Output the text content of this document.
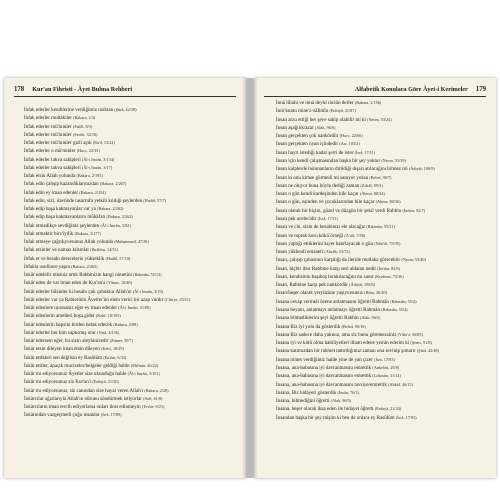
178 Kur'an Fihristi - Âyet Bulma Rehberi
İnfak ederler kendilerine verdiğimiz nzıktan (Şûrâ, 42/38)
İnfak ederler muttakiler (Bakara, 2/3)
İnfak ederler mü'minler (Enfâl, 8/3)
İnfak ederler mü'minler (Secde, 32/16)
İnfak ederler mü'minler gizli açık (Ra'd, 13/22)
İnfak ederler o mü'minler (Hacc, 22/35)
İnfak ederler takva sahipleri (Âl-i İmrân, 3/134)
İnfak ederler takva sahipleri (Âl-i İmrân, 3/17)
İnfak etsin Allah yolunda (Bakara, 2/195)
İnfak edin çalışıp kazandıklarınızdan (Bakara, 2/267)
İnfak edin ey iman edenler (Bakara, 2/254)
İnfak edin, sizi, üzerinde tasarrufa yetkili kıldığı şeylerden (Hadîd, 57/7)
İnfak edip başa kakmayanlar var ya (Bakara, 2/262)
İnfak edip başa kakmayanların mükâfatı (Bakara, 2/262)
İnfak etmedikçe sevdiğiniz şeylerden (Âl-i İmrân, 3/92)
İnfak etmektir birr/iyilik (Bakara, 2/177)
İnfak etmeye çağrılıyorsunuz Allah yolunda (Muhammed, 47/38)
İnfak etsinler ve namaz kılsınlar (İbrâhîm, 14/31)
İnfak et ve hesabı derecelerin yükseklik (Hadîd, 57/10)
İnfakla usulünce yapın (Bakara, 2/263)
İnkâr edebilir misiniz artık Rabbinizin hangi nimetini (Rahmân, 55/13)
İnkâr eden de var iman eden de Kur'an'a (Yûnus, 10/40)
İnkâr ederler bilsinler ki hesabı çok çabuktur Allah'ın (Âl-i İmrân, 3/19)
İnkâr ederler var ya Rablerinin Âyetler'ini elem verici bir azap vardır (Câsiye, 45/11)
İnkâr edenlere uyarsanız eğer ey iman edenler (Âl-i İmrân, 3/100)
İnkâr edenlerin amelleri boşa gider (Kehf, 18/105)
İnkâr edenlerin hepsini birden helak edecek (Bakara, 2/89)
İnkâr ederler her kim saptırmış olur (Nisâ, 4/136)
İnkâr edersem eğer, bu sizin aleyhinizedir (Zümer, 39/7)
İnkâr etsin dileyen iman etsin dileyen (Kehf, 18/29)
İnkâr ettikleri sen değilsin ey Rasûlüm (En'âm, 6/33)
İnkâr ettiler, apaçık mucizeler/belgeler geldiği halde (Mü'min, 40/22)
İnkâr mı ediyorsunuz Âyetler size okunduğu halde (Âl-i İmrân, 3/101)
İnkâr mı ediyorsunuz siz Kur'an'ı (Enbiyâ, 21/50)
İnkâr mı ediyorsunuz, siz canından size hayat veren Allah'ı (Bakara, 2/28)
İnkârcılar ağızlarıyla Allah'ın nûrunu söndürmek istiyorlar (Saff, 61/8)
İnkârcıların iman tercih ediyorlarsa onları dost edinmeyin (Tevbe, 9/23)
İnkârından vazgeçmedi çoğu insanlar (İsrâ, 17/89)
Alfabetik Konulara Göre Âyet-i Kerimeler 179
İnnâ lillahi ve innâ ileyhi râciûn derler (Bakara, 2/156)
İnnî kuntu mine'z-zâlimîn (Enbiyâ, 21/87)
İnsan arzu ettiği her şeye sahip olabilir mi ki (Necm, 53/24)
İnsan aşağılık/azar (Alak, 96/6)
İnsan gerçekten çok nankördür (Hacc, 22/66)
İnsan gerçekten nyan içindedir (Asr, 103/2)
İnsan hayrı istediği kadar şerri de ister (İsrâ, 17/11)
İnsan için kendi çalışmasından başka bir şey yoktur (Necm, 53/39)
İnsan kalplerde bulunanların dirildiğı dışarı atılacağını bilmez mi (Âdiyât, 100/9)
İnsan ki onu kimse görmedi mi sanıyor yoksa (Beled, 90/7)
İnsan ne oluyor buna böyle dediği zaman (Zilzâl, 99/3)
İnsan o gün kendi kardeşinden bile kaçar (Abese, 80/34)
İnsan o gün, eşinden ve çocuklarından bile kaçar (Abese, 80/36)
İnsan olarak bir biçim, güzel ve düzgün bir şekil verdi Rabbin (İnfitar, 82/7)
İnsan pek acelecidir (İsrâ, 17/11)
İnsan ve cin, sizin de hesabınızı ele alacağız (Rahmân, 55/31)
İnsan ve toprak kuru kökü örneği (A'râf, 7/58)
İnsan yaptığı ettiklerini kıyet hatırlayacak o gün (Nâzi'ât, 79/35)
İnsan yüklendi emaneti (Ahzâb, 33/72)
İnsan, çalışıp çabasının karşılığı da ileride mutlaka görecektir (Necm, 53/40)
İnsan, hiçbir ibur Rabbine karşı sesi aldatan nedir (İnfitar, 82/6)
İnsan, kendisinin başıboş bırakılacağını mı sanır (Kıyâmet, 75/36)
İnsan, Rabbine karşı pek nankördür (Âdiyât, 100/6)
İnsan/beşer olarak yeryüzüne yaşıyorsunuz (Rûm, 30/20)
İnsana cevap vermeli özene anlatmasını öğretti Rahmân (Rahmân, 55/4)
İnsana beyanı, anlatmayı anlatmayı öğretti Rahmân (Rahmân, 55/4)
İnsana bilmediklerini şeyi öğretti Rabbin (Alak, 96/5)
İnsana Biz iyi yolu da gösterdik (Beled, 90/10)
İnsana Biz sadece daha yakınız, ama siz bunu göremezsiniz (Vâkı'a, 56/85)
İnsana iyi ve kötü olma kabiliyetleri ilham edene yemin ederim ki (Şems, 91/8)
İnsana katımızdan bir rahmet tattırdığımız zaman ona sevinip şımarır (Şûrâ, 42/48)
İnsana nimet verdiğimiz halde yine de yan çizer (İsrâ, 17/83)
İnsana, ana-babasına iyi davranmasını emrettik (Ankebût, 29/8)
İnsana, ana-babasına iyi davranmasını emrettik (Lokmân, 31/14)
İnsana, ana-babasına iyi davranmasını tavsiye/emrettik (Ahkâf, 46/15)
İnsana, Biz hidâyeti gösterdik (İnsân, 76/3)
İnsana, bilmediğini öğretti (Alak, 96/5)
İnsana, beşer olarak ikaz eden ile hidayet öğretti (Enbiyâ, 21/34)
İnsandan başka bir şey mişim ki ben de onlara ey Rasûlüm (İsrâ, 17/93)
